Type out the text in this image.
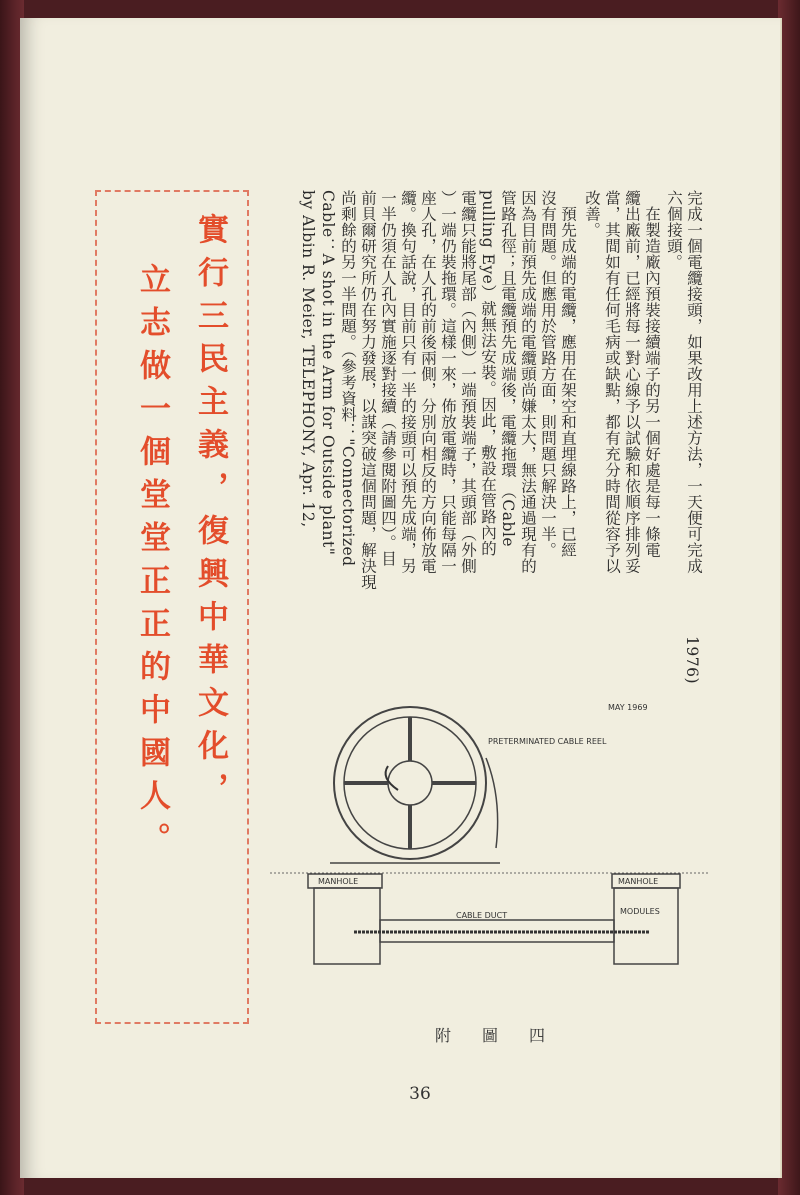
完成一個電纜接頭，如果改用上述方法，一天便可完成
六個接頭。
　在製造廠內預裝接續端子的另一個好處是每一條電
纜出廠前，已經將每一對心線予以試驗和依順序排列妥
當，其間如有任何毛病或缺點，都有充分時間從容予以
改善。
　預先成端的電纜，應用在架空和直埋線路上，已經
沒有問題。但應用於管路方面，則問題只解決一半。
因為目前預先成端的電纜頭尚嫌太大，無法通過現有的
管路孔徑；且電纜預先成端後，電纜拖環 （Cable
pulling Eye）就無法安裝。因此，敷設在管路內的
電纜只能將尾部（內側）一端預裝端子，其頭部（外側
）一端仍裝拖環。這樣一來，佈放電纜時，只能每隔一
座人孔，在人孔的前後兩側，分別向相反的方向佈放電
纜。換句話說，目前只有一半的接頭可以預先成端，另
一半仍須在人孔內實施逐對接續（請參閱附圖四）。目
前貝爾研究所仍在努力發展，以謀突破這個問題，解決現
尚剩餘的另一半問題。（參考資料："Connectorized
Cable：A shot in the Arm for Outside plant"
by Albin R. Meier, TELEPHONY, Apr. 12,
1976)
實行三民主義，復興中華文化，
立志做一個堂堂正正的中國人。	MAY 1969
PRETERMINATED CABLE REEL
MANHOLE	MANHOLE
CABLE DUCT	MODULES
附 圖 四
36
